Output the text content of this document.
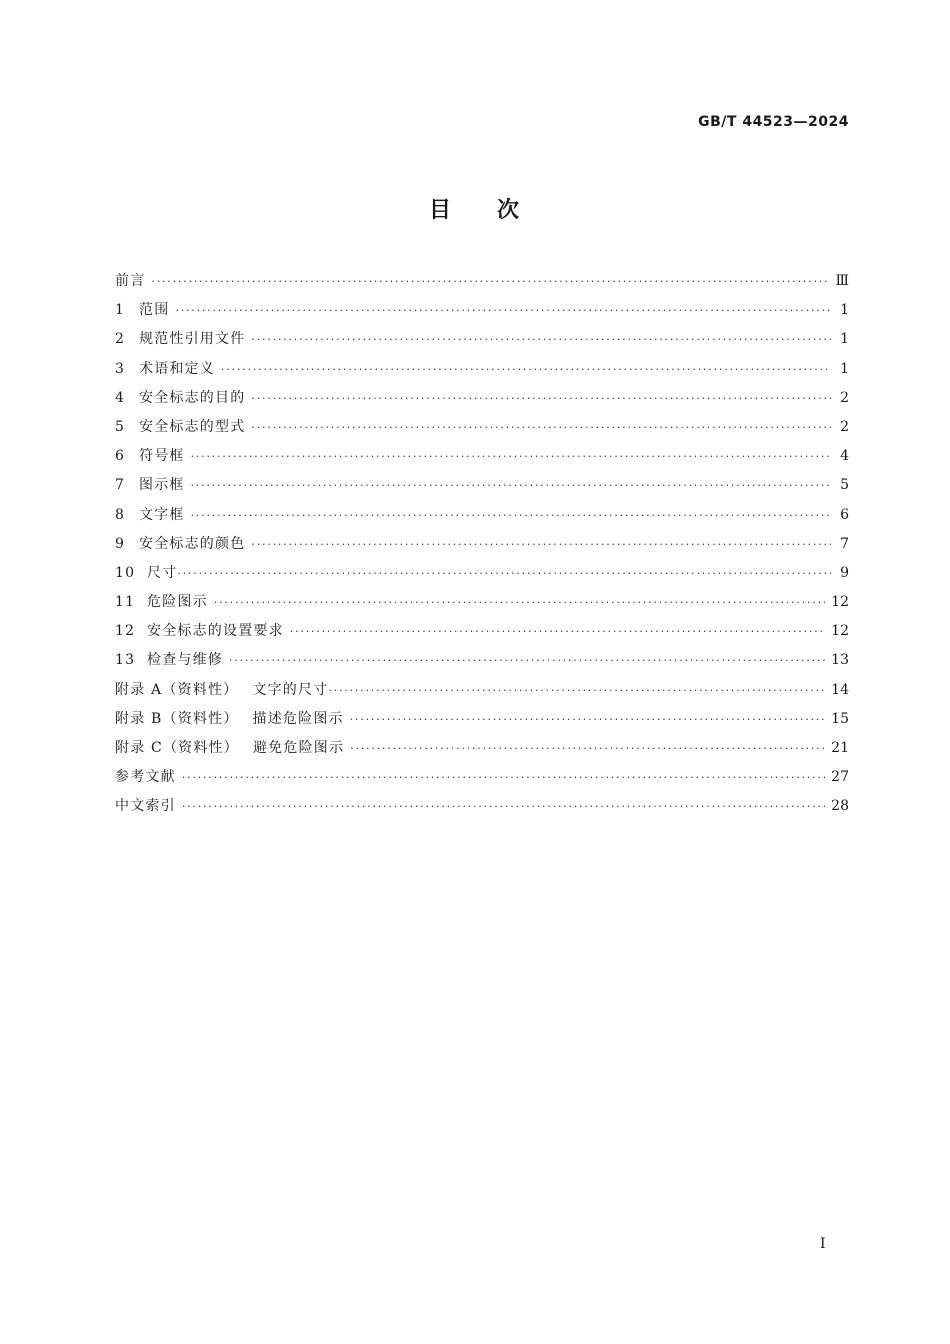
GB/T 44523—2024
目 次
前言 ·····	Ⅲ
1 范围 ·····	1
2 规范性引用文件 ·····	1
3 术语和定义 ·····	1
4 安全标志的目的 ·····	2
5 安全标志的型式 ·····	2
6 符号框 ·····	4
7 图示框 ·····	5
8 文字框 ·····	6
9 安全标志的颜色 ·····	7
10 尺寸 ·····	9
11 危险图示 ·····	12
12 安全标志的设置要求 ·····	12
13 检查与维修 ·····	13
附录 A（资料性） 文字的尺寸 ·····	14
附录 B（资料性） 描述危险图示 ·····	15
附录 C（资料性） 避免危险图示 ·····	21
参考文献 ·····	27
中文索引 ·····	28
I
